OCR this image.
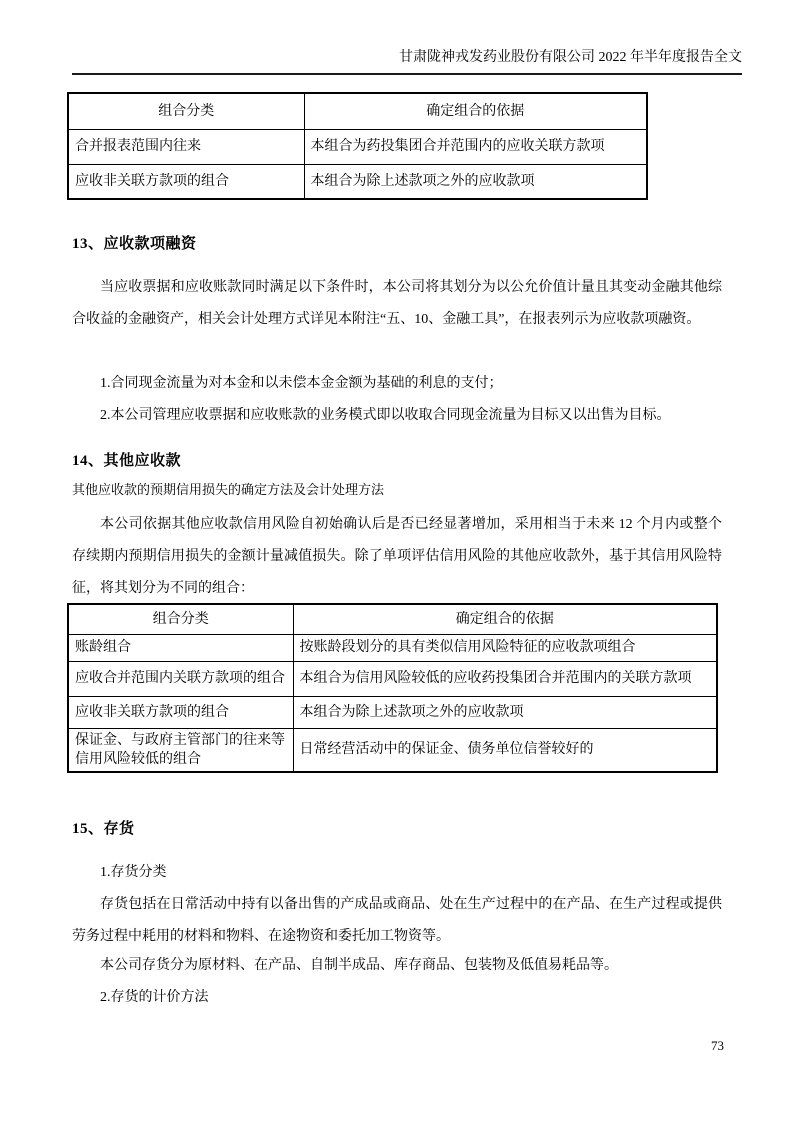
甘肃陇神戎发药业股份有限公司 2022 年半年度报告全文
组合分类	确定组合的依据
合并报表范围内往来	本组合为药投集团合并范围内的应收关联方款项
应收非关联方款项的组合	本组合为除上述款项之外的应收款项
13、应收款项融资
当应收票据和应收账款同时满足以下条件时，本公司将其划分为以公允价值计量且其变动金融其他综合收益的金融资产，相关会计处理方式详见本附注“五、10、金融工具”，在报表列示为应收款项融资。
1.合同现金流量为对本金和以未偿本金金额为基础的利息的支付；
2.本公司管理应收票据和应收账款的业务模式即以收取合同现金流量为目标又以出售为目标。
14、其他应收款
其他应收款的预期信用损失的确定方法及会计处理方法
本公司依据其他应收款信用风险自初始确认后是否已经显著增加，采用相当于未来 12 个月内或整个存续期内预期信用损失的金额计量减值损失。除了单项评估信用风险的其他应收款外，基于其信用风险特征，将其划分为不同的组合：
组合分类	确定组合的依据
账龄组合	按账龄段划分的具有类似信用风险特征的应收款项组合
应收合并范围内关联方款项的组合	本组合为信用风险较低的应收药投集团合并范围内的关联方款项
应收非关联方款项的组合	本组合为除上述款项之外的应收款项
保证金、与政府主管部门的往来等信用风险较低的组合	日常经营活动中的保证金、债务单位信誉较好的
15、存货
1.存货分类
存货包括在日常活动中持有以备出售的产成品或商品、处在生产过程中的在产品、在生产过程或提供劳务过程中耗用的材料和物料、在途物资和委托加工物资等。
本公司存货分为原材料、在产品、自制半成品、库存商品、包装物及低值易耗品等。
2.存货的计价方法
73
